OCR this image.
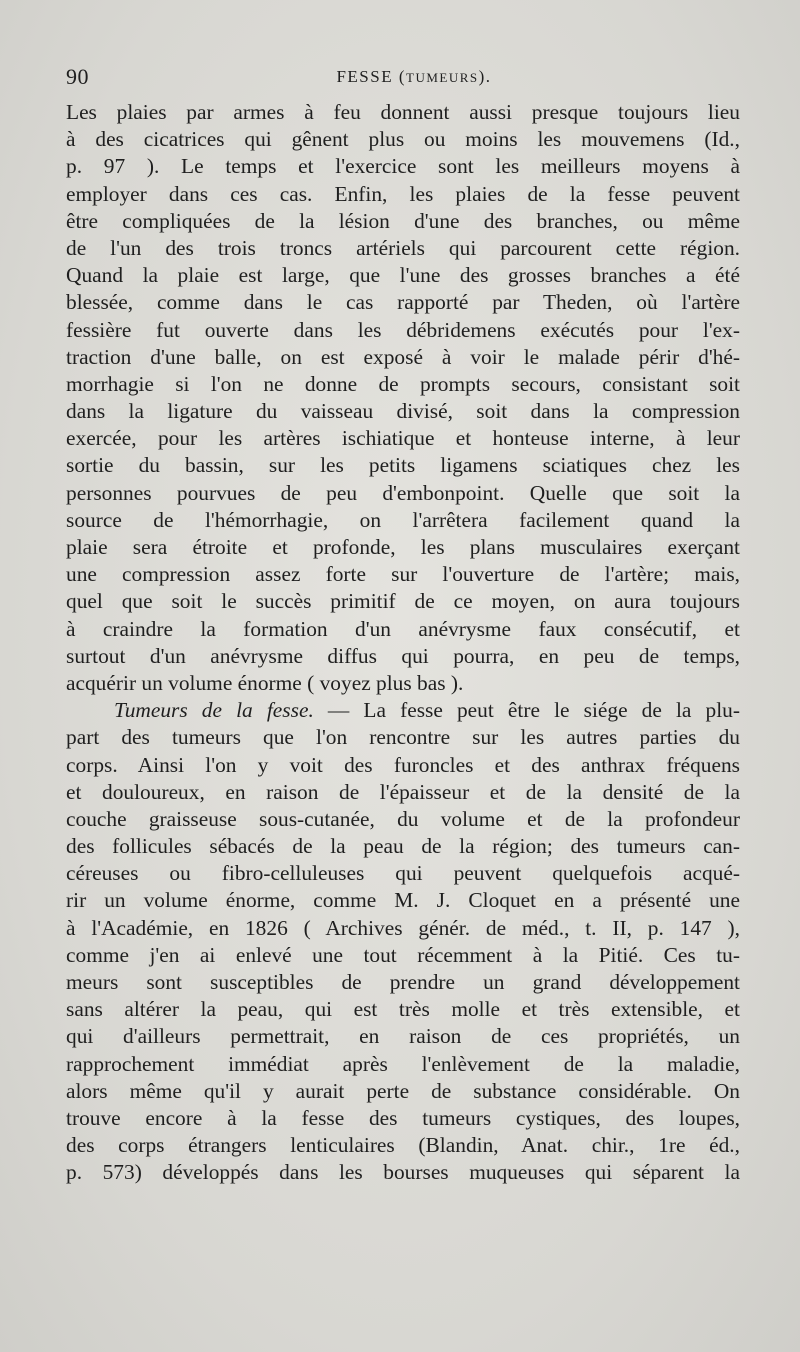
90	FESSE (TUMEURS).
Les plaies par armes à feu donnent aussi presque toujours lieu
à des cicatrices qui gênent plus ou moins les mouvemens (Id.,
p. 97 ). Le temps et l'exercice sont les meilleurs moyens à
employer dans ces cas. Enfin, les plaies de la fesse peuvent
être compliquées de la lésion d'une des branches, ou même
de l'un des trois troncs artériels qui parcourent cette région.
Quand la plaie est large, que l'une des grosses branches a été
blessée, comme dans le cas rapporté par Theden, où l'artère
fessière fut ouverte dans les débridemens exécutés pour l'ex-
traction d'une balle, on est exposé à voir le malade périr d'hé-
morrhagie si l'on ne donne de prompts secours, consistant soit
dans la ligature du vaisseau divisé, soit dans la compression
exercée, pour les artères ischiatique et honteuse interne, à leur
sortie du bassin, sur les petits ligamens sciatiques chez les
personnes pourvues de peu d'embonpoint. Quelle que soit la
source de l'hémorrhagie, on l'arrêtera facilement quand la
plaie sera étroite et profonde, les plans musculaires exerçant
une compression assez forte sur l'ouverture de l'artère; mais,
quel que soit le succès primitif de ce moyen, on aura toujours
à craindre la formation d'un anévrysme faux consécutif, et
surtout d'un anévrysme diffus qui pourra, en peu de temps,
acquérir un volume énorme ( voyez plus bas ).
Tumeurs de la fesse. — La fesse peut être le siége de la plu-
part des tumeurs que l'on rencontre sur les autres parties du
corps. Ainsi l'on y voit des furoncles et des anthrax fréquens
et douloureux, en raison de l'épaisseur et de la densité de la
couche graisseuse sous-cutanée, du volume et de la profondeur
des follicules sébacés de la peau de la région; des tumeurs can-
céreuses ou fibro-celluleuses qui peuvent quelquefois acqué-
rir un volume énorme, comme M. J. Cloquet en a présenté une
à l'Académie, en 1826 ( Archives génér. de méd., t. II, p. 147 ),
comme j'en ai enlevé une tout récemment à la Pitié. Ces tu-
meurs sont susceptibles de prendre un grand développement
sans altérer la peau, qui est très molle et très extensible, et
qui d'ailleurs permettrait, en raison de ces propriétés, un
rapprochement immédiat après l'enlèvement de la maladie,
alors même qu'il y aurait perte de substance considérable. On
trouve encore à la fesse des tumeurs cystiques, des loupes,
des corps étrangers lenticulaires (Blandin, Anat. chir., 1re éd.,
p. 573) développés dans les bourses muqueuses qui séparent la
